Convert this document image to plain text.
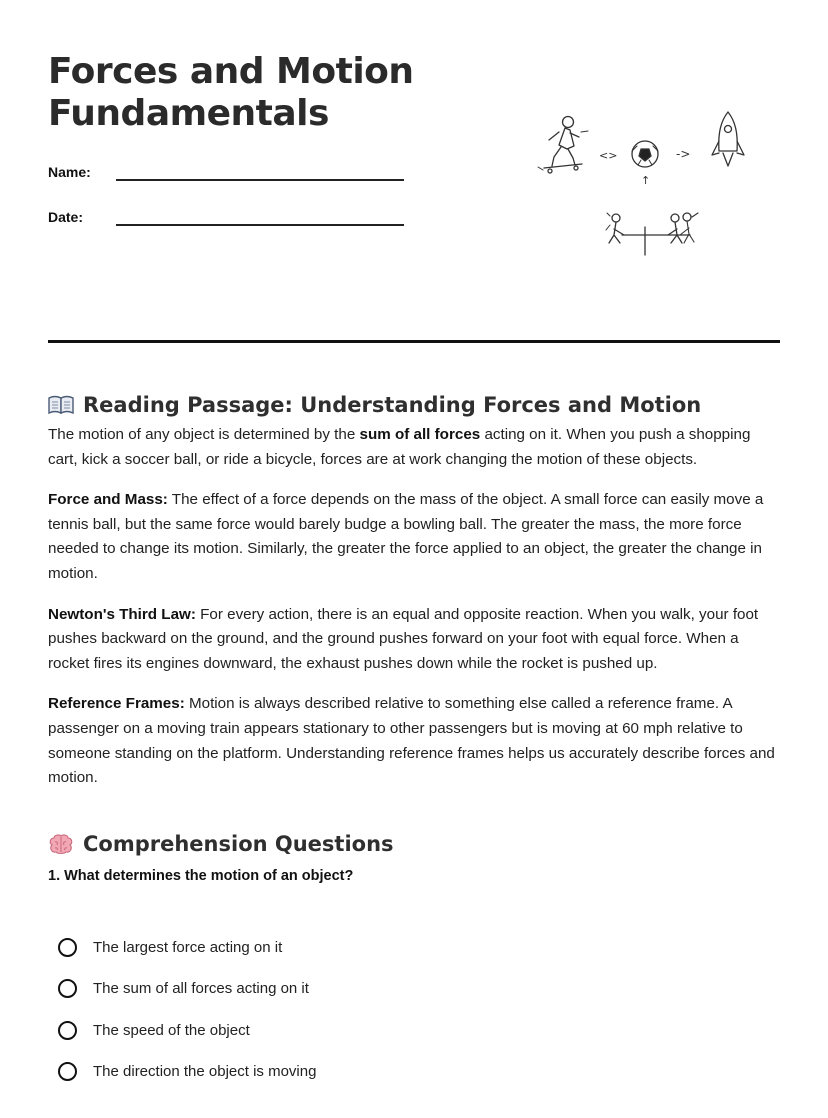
Forces and Motion
Fundamentals
Name:
Date:
<>	->
↑
Reading Passage: Understanding Forces and Motion

The motion of any object is determined by the sum of all forces acting on it. When you push a shopping cart, kick a soccer ball, or ride a bicycle, forces are at work changing the motion of these objects.

Force and Mass: The effect of a force depends on the mass of the object. A small force can easily move a tennis ball, but the same force would barely budge a bowling ball. The greater the mass, the more force needed to change its motion. Similarly, the greater the force applied to an object, the greater the change in motion.

Newton's Third Law: For every action, there is an equal and opposite reaction. When you walk, your foot pushes backward on the ground, and the ground pushes forward on your foot with equal force. When a rocket fires its engines downward, the exhaust pushes down while the rocket is pushed up.

Reference Frames: Motion is always described relative to something else called a reference frame. A passenger on a moving train appears stationary to other passengers but is moving at 60 mph relative to someone standing on the platform. Understanding reference frames helps us accurately describe forces and motion.

Comprehension Questions
1. What determines the motion of an object?
The largest force acting on it
The sum of all forces acting on it
The speed of the object
The direction the object is moving
